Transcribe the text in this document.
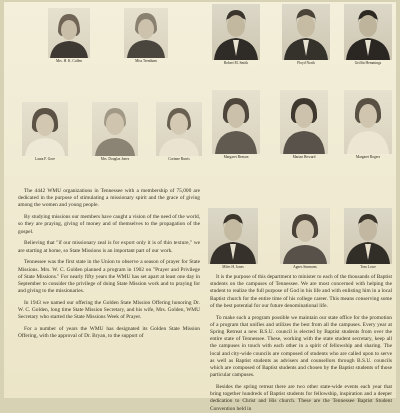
Mrs. H. K. Cullen	Miss Trentham	Robert M. Smith	Floyd North	Griffin Hemmings
Laura F. Gore	Mrs. Douglas Jones	Corinne Burris	Margaret Benson	Marian Howard	Margaret Rogers
Miles H. Jones	Agnes Simmons	Tom Lowe

The 4442 WMU organizations in Tennessee with a membership of 75,000 are dedicated in the purpose of stimulating a missionary spirit and the grace of giving among the women and young people.

By studying missions our members have caught a vision of the need of the world, so they are praying, giving of money and of themselves to the propagation of the gospel.

Believing that "if our missionary zeal is for export only it is of thin texture," we are starting at home, so State Missions is an important part of our work.

Tennessee was the first state in the Union to observe a season of prayer for State Missions. Mrs. W. C. Golden planned a program in 1902 on "Prayer and Privilege of State Missions." For nearly fifty years the WMU has set apart at least one day in September to consider the privilege of doing State Mission work and to praying for and giving to the missionaries.

In 1943 we named our offering the Golden State Mission Offering honoring Dr. W. C. Golden, long time State Mission Secretary, and his wife, Mrs. Golden, WMU Secretary who started the State Missions Week of Prayer.

For a number of years the WMU has designated its Golden State Mission Offering, with the approval of Dr. Bryan, to the support of

It is the purpose of this department to minister to each of the thousands of Baptist students on the campuses of Tennessee. We are most concerned with helping the student to realize the full purpose of God in his life and with enlisting him in a local Baptist church for the entire time of his college career. This means conserving some of the best potential for our future denominational life.

To make such a program possible we maintain our state office for the promotion of a program that unifies and utilizes the best from all the campuses. Every year at Spring Retreat a new B.S.U. council is elected by Baptist students from over the entire state of Tennessee. These, working with the state student secretary, keep all the campuses in touch with each other in a spirit of fellowship and sharing. The local and city-wide councils are composed of students who are called upon to serve as well as Baptist students as advisers and counsellors through B.S.U. councils which are composed of Baptist students and chosen by the Baptist students of those particular campuses.

Besides the spring retreat there are two other state-wide events each year that bring together hundreds of Baptist students for fellowship, inspiration and a deeper dedication to Christ and His church. These are the Tennessee Baptist Student Convention held in
